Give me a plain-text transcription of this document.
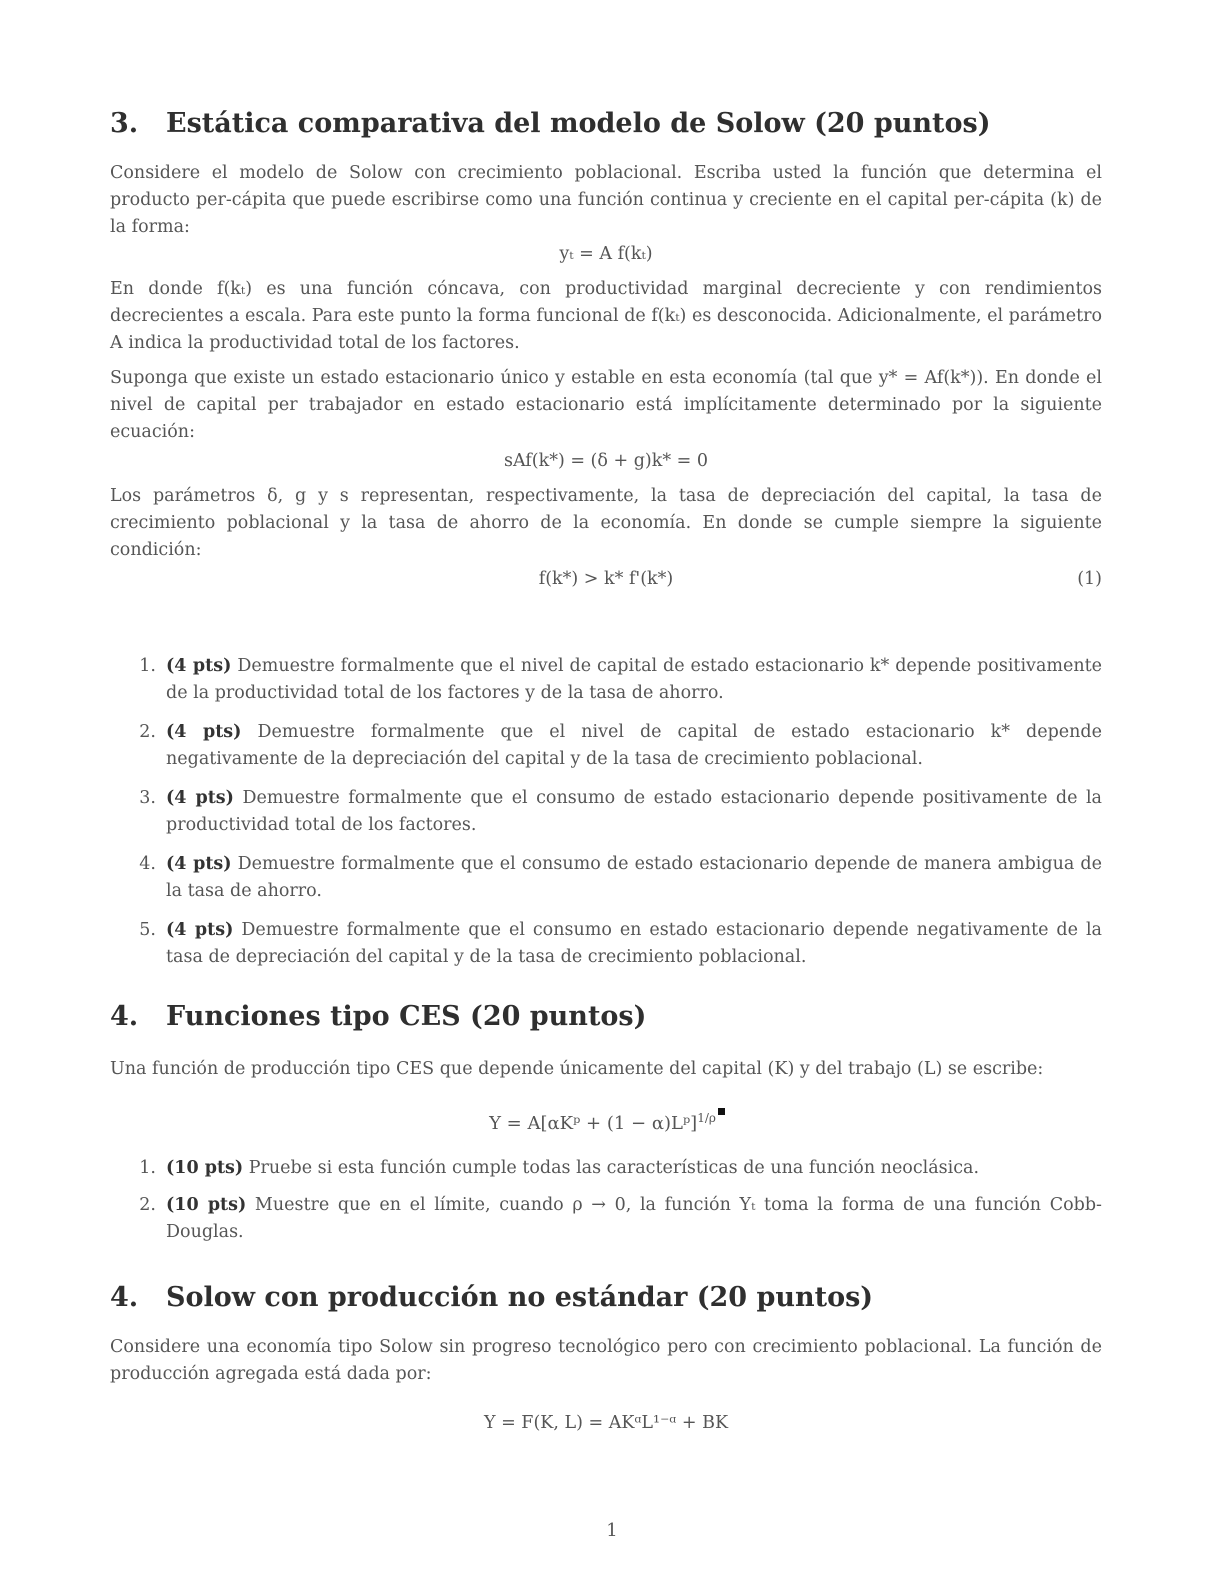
3.	Estática comparativa del modelo de Solow (20 puntos)

Considere el modelo de Solow con crecimiento poblacional. Escriba usted la función que determina el producto per-cápita que puede escribirse como una función continua y creciente en el capital per-cápita (k) de la forma:

yₜ = A f(kₜ)

En donde f(kₜ) es una función cóncava, con productividad marginal decreciente y con rendimientos decrecientes a escala. Para este punto la forma funcional de f(kₜ) es desconocida. Adicionalmente, el parámetro A indica la productividad total de los factores.

Suponga que existe un estado estacionario único y estable en esta economía (tal que y* = Af(k*)). En donde el nivel de capital per trabajador en estado estacionario está implícitamente determinado por la siguiente ecuación:

sAf(k*) = (δ + g)k* = 0

Los parámetros δ, g y s representan, respectivamente, la tasa de depreciación del capital, la tasa de crecimiento poblacional y la tasa de ahorro de la economía. En donde se cumple siempre la siguiente condición:

f(k*) > k* f'(k*)	(1)
1. (4 pts) Demuestre formalmente que el nivel de capital de estado estacionario k* depende positivamente de la productividad total de los factores y de la tasa de ahorro.
2. (4 pts) Demuestre formalmente que el nivel de capital de estado estacionario k* depende negativamente de la depreciación del capital y de la tasa de crecimiento poblacional.
3. (4 pts) Demuestre formalmente que el consumo de estado estacionario depende positivamente de la productividad total de los factores.
4. (4 pts) Demuestre formalmente que el consumo de estado estacionario depende de manera ambigua de la tasa de ahorro.
5. (4 pts) Demuestre formalmente que el consumo en estado estacionario depende negativamente de la tasa de depreciación del capital y de la tasa de crecimiento poblacional.
4.	Funciones tipo CES (20 puntos)

Una función de producción tipo CES que depende únicamente del capital (K) y del trabajo (L) se escribe:

Y = A[αKᵖ + (1 − α)Lᵖ]$^{1/\rho}$
1. (10 pts) Pruebe si esta función cumple todas las características de una función neoclásica.
2. (10 pts) Muestre que en el límite, cuando ρ → 0, la función Yₜ toma la forma de una función Cobb-Douglas.
4.	Solow con producción no estándar (20 puntos)

Considere una economía tipo Solow sin progreso tecnológico pero con crecimiento poblacional. La función de producción agregada está dada por:

Y = F(K, L) = AKᵅL¹⁻ᵅ + BK
1
